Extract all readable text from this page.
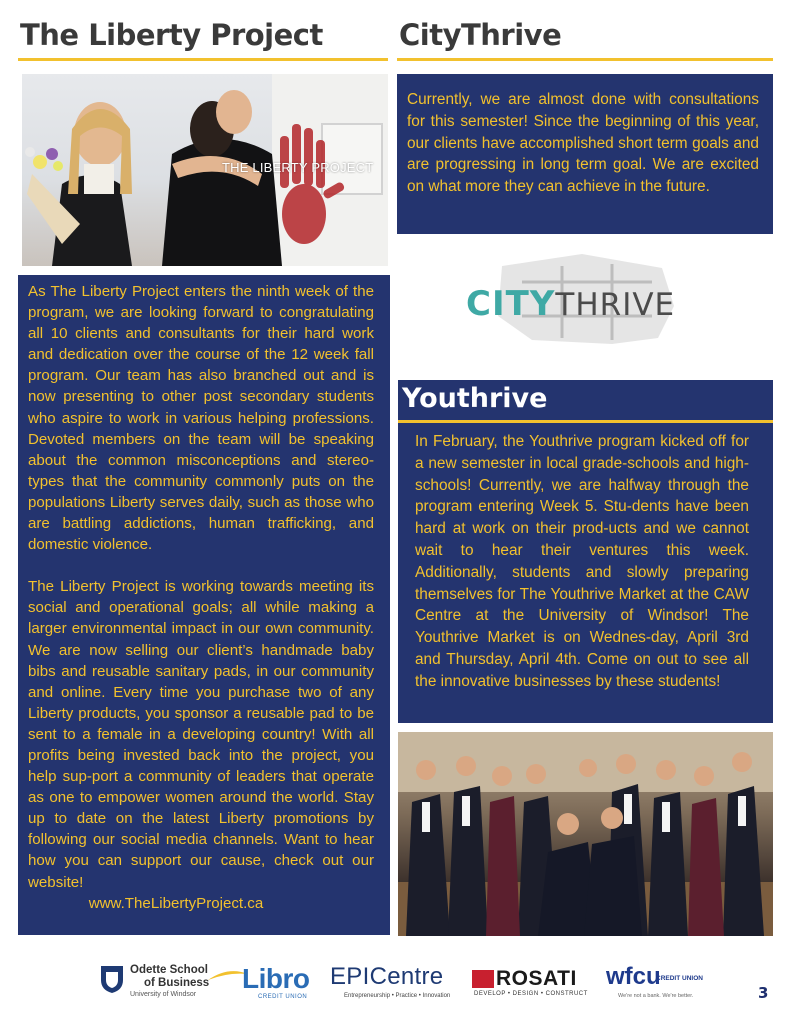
The Liberty Project	CityThrive
THE LIBERTY PROJECT

Currently, we are almost done with consultations for this semester! Since the beginning of this year, our clients have accomplished short term goals and are progressing in long term goal. We are excited on what more they can achieve in the future.

CITYTHRIVE

As The Liberty Project enters the ninth week of the program, we are looking forward to congratulating all 10 clients and consultants for their hard work and dedication over the course of the 12 week fall program. Our team has also branched out and is now presenting to other post secondary students who aspire to work in various helping professions. Devoted members on the team will be speaking about the common misconceptions and stereo-types that the community commonly puts on the populations Liberty serves daily, such as those who are battling addictions, human trafficking, and domestic violence.

The Liberty Project is working towards meeting its social and operational goals; all while making a larger environmental impact in our own community. We are now selling our client’s handmade baby bibs and reusable sanitary pads, in our community and online. Every time you purchase two of any Liberty products, you sponsor a reusable pad to be sent to a female in a developing country! With all profits being invested back into the project, you help sup-port a community of leaders that operate as one to empower women around the world. Stay up to date on the latest Liberty promotions by following our social media channels. Want to hear how you can support our cause, check out our website!

www.TheLibertyProject.ca
Youthrive

In February, the Youthrive program kicked off for a new semester in local grade-schools and high-schools! Currently, we are halfway through the program entering Week 5. Stu-dents have been hard at work on their prod-ucts and we cannot wait to hear their ventures this week. Additionally, students and slowly preparing themselves for The Youthrive Market at the CAW Centre at the University of Windsor! The Youthrive Market is on Wednes-day, April 3rd and Thursday, April 4th. Come on out to see all the innovative businesses by these students!

Odette School
of Business
University of Windsor
Libro
CREDIT UNION
EPICentre
Entrepreneurship • Practice • Innovation
ROSATI
DEVELOP • DESIGN • CONSTRUCT
wfcu
CREDIT UNION
We're not a bank. We're better.	3
